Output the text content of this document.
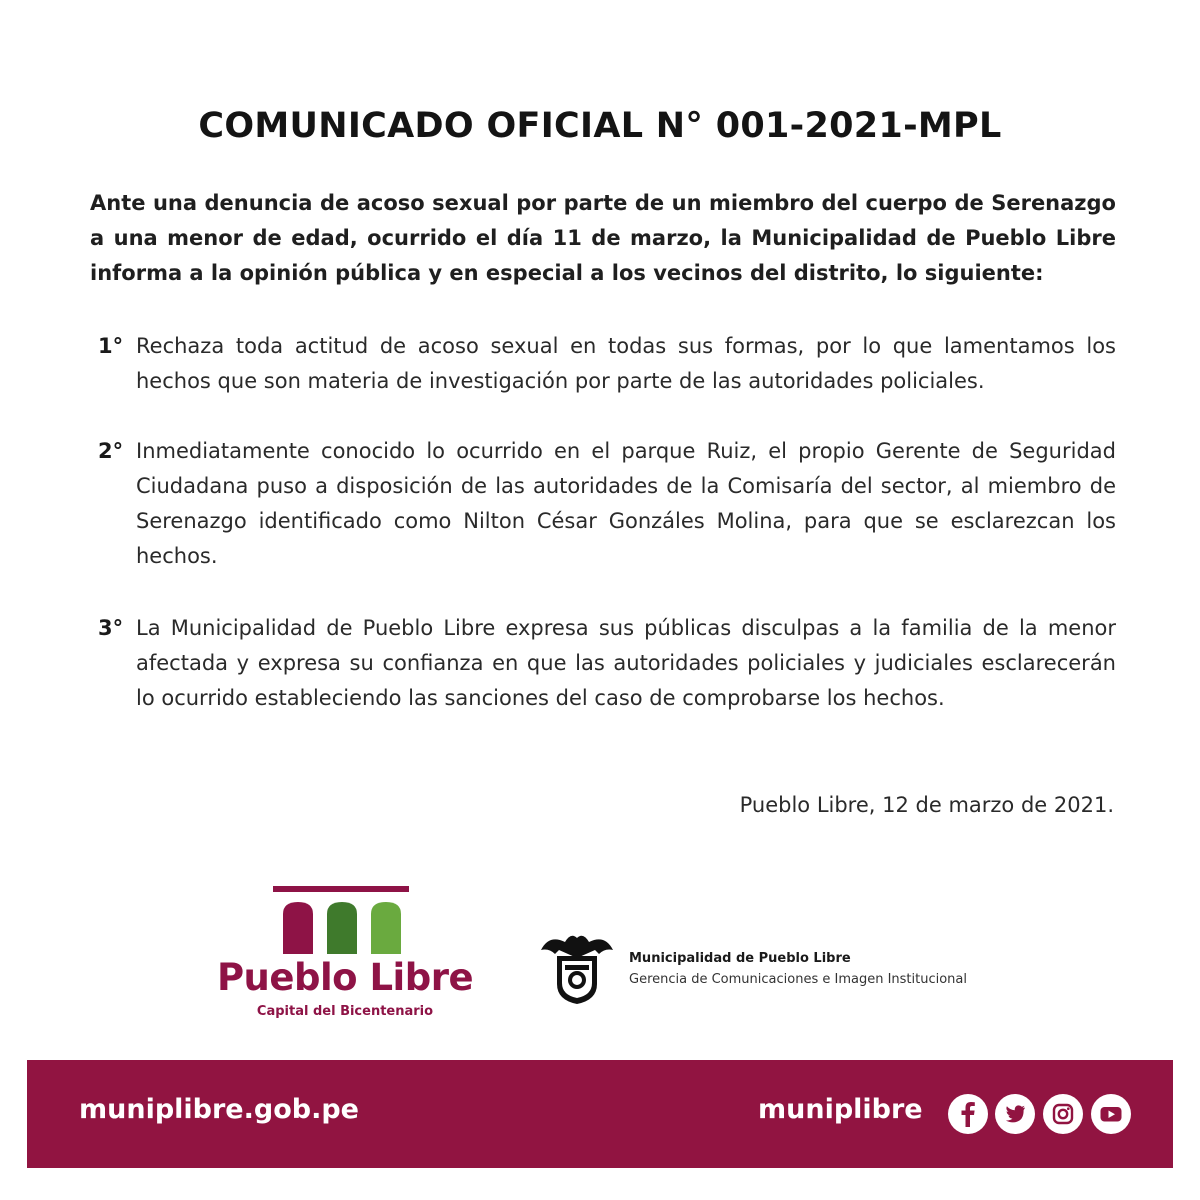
COMUNICADO OFICIAL N° 001-2021-MPL
Ante una denuncia de acoso sexual por parte de un miembro del cuerpo de Serenazgo a una menor de edad, ocurrido el día 11 de marzo, la Municipalidad de Pueblo Libre informa a la opinión pública y en especial a los vecinos del distrito, lo siguiente:
1° Rechaza toda actitud de acoso sexual en todas sus formas, por lo que lamentamos los hechos que son materia de investigación por parte de las autoridades policiales.
2° Inmediatamente conocido lo ocurrido en el parque Ruiz, el propio Gerente de Seguridad Ciudadana puso a disposición de las autoridades de la Comisaría del sector, al miembro de Serenazgo identificado como Nilton César Gonzáles Molina, para que se esclarezcan los hechos.
3° La Municipalidad de Pueblo Libre expresa sus públicas disculpas a la familia de la menor afectada y expresa su confianza en que las autoridades policiales y judiciales esclarecerán lo ocurrido estableciendo las sanciones del caso de comprobarse los hechos.
Pueblo Libre, 12 de marzo de 2021.
Pueblo Libre
Capital del Bicentenario
Municipalidad de Pueblo Libre
Gerencia de Comunicaciones e Imagen Institucional
muniplibre.gob.pe	muniplibre
